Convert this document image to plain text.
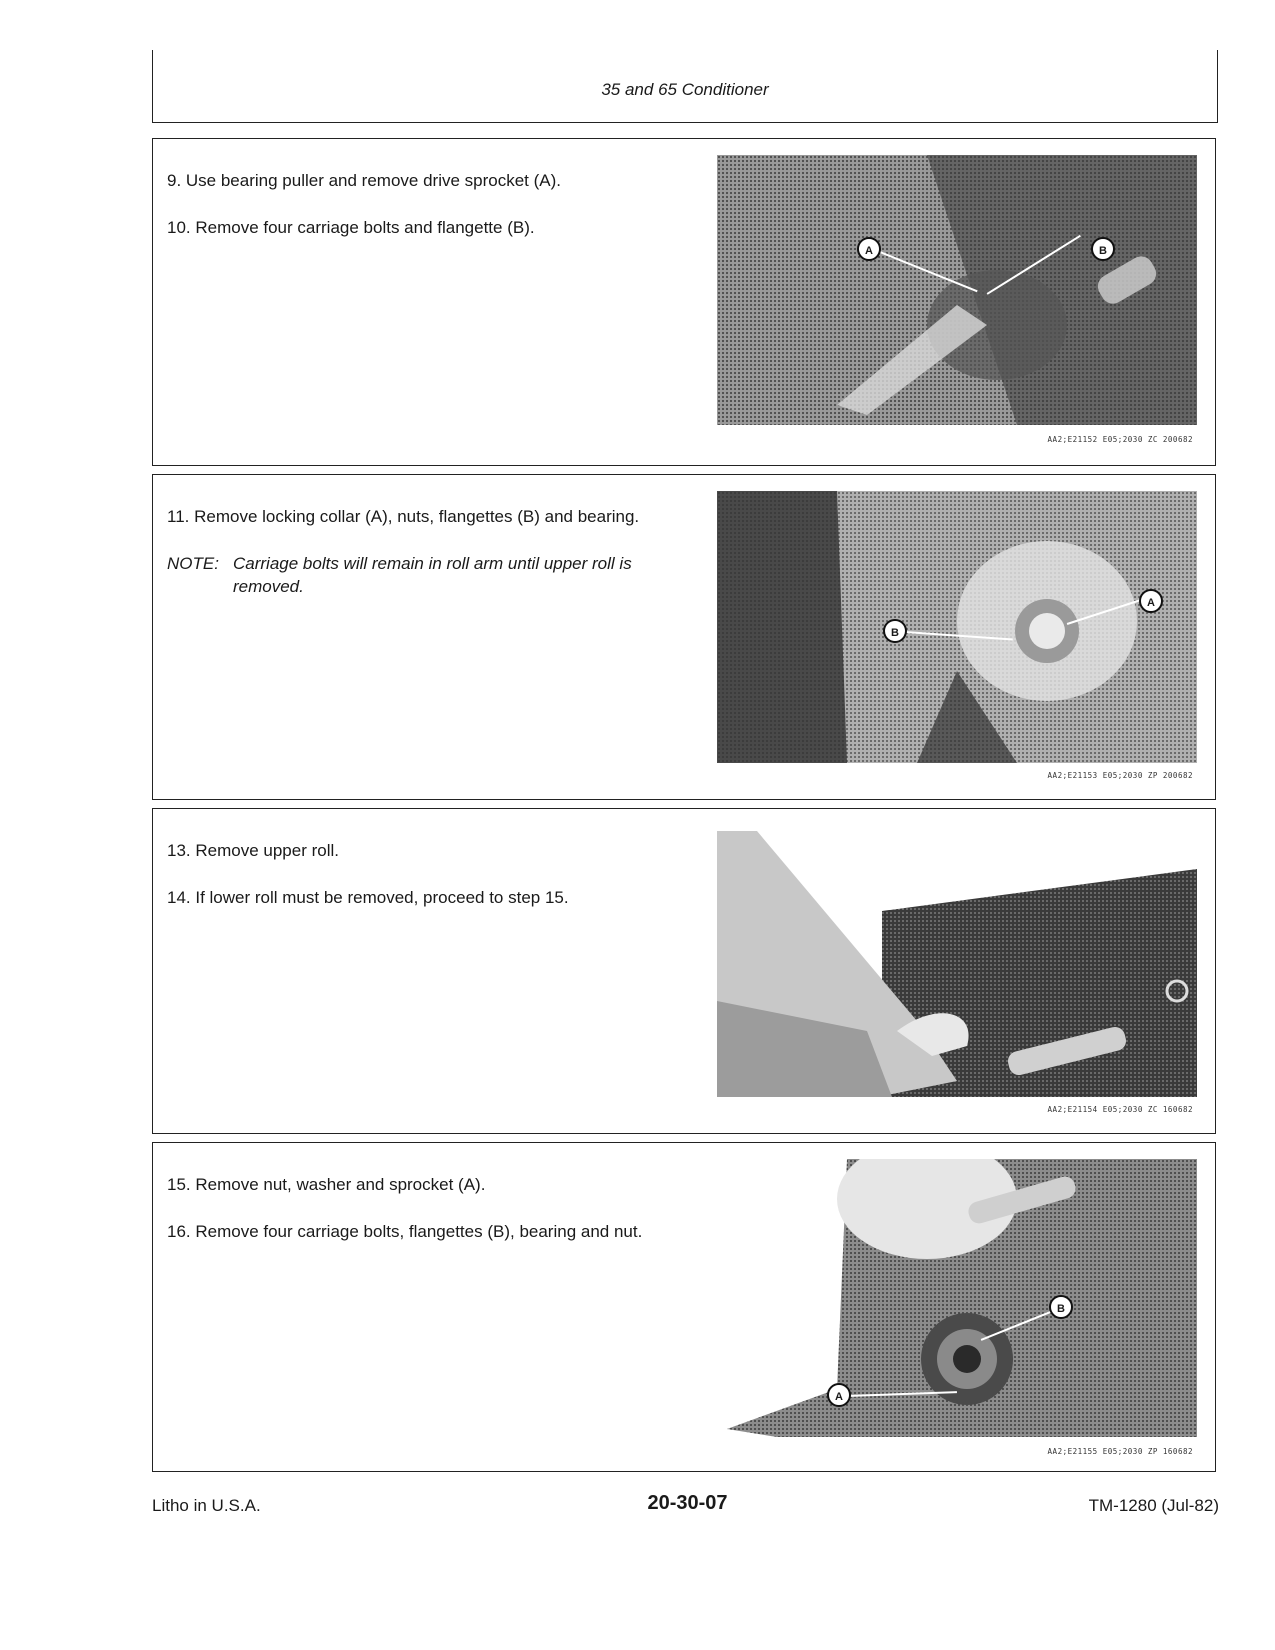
35 and 65 Conditioner
9. Use bearing puller and remove drive sprocket (A).
10. Remove four carriage bolts and flangette (B).
A	B
AA2;E21152 E05;2030 ZC 200682
11. Remove locking collar (A), nuts, flangettes (B) and bearing.
NOTE: Carriage bolts will remain in roll arm until upper roll is removed.
B
A
AA2;E21153 E05;2030 ZP 200682
13. Remove upper roll.
14. If lower roll must be removed, proceed to step 15.
AA2;E21154 E05;2030 ZC 160682
15. Remove nut, washer and sprocket (A).
16. Remove four carriage bolts, flangettes (B), bearing and nut.
B
A
AA2;E21155 E05;2030 ZP 160682
Litho in U.S.A.	20-30-07	TM-1280 (Jul-82)
